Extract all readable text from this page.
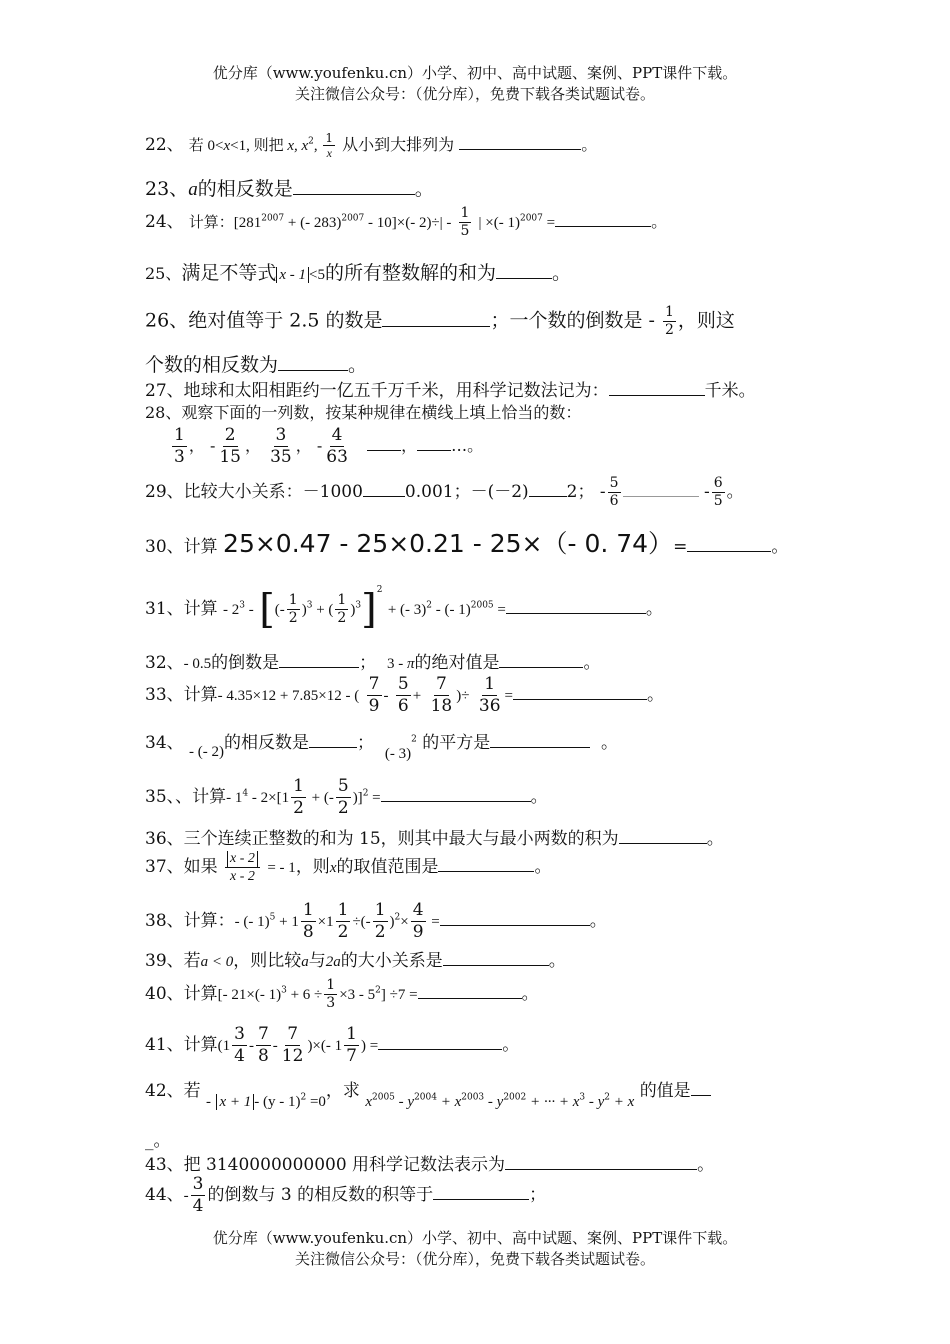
优分库（www.youfenku.cn）小学、初中、高中试题、案例、PPT课件下载。
关注微信公众号：（优分库），免费下载各类试题试卷。
22、 若 0<x<1, 则把 x, $x^2$, $\frac{1}{x}$ 从小到大排列为	。
23、a的相反数是	。
24、 计算：[$281^{2007}$ + (- 283)$^{2007}$ - 10]×(- $2)\div| - \frac{1}{5}$ | ×(- 1)$^{2007}$ =	。
25、满足不等式 x - 1 <5的所有整数解的和为	。
26、绝对值等于 2.5 的数是	；一个数的倒数是 - $\frac{1}{2}$ ，则这
个数的相反数为	。
27、地球和太阳相距约一亿五千万千米，用科学记数法记为：	千米。
28、观察下面的一列数，按某种规律在横线上填上恰当的数：
$\frac{1}{3}$ ， - $\frac{2}{15}$ ， $\frac{3}{35}$ ， - $\frac{4}{63}$	， …。
29、比较大小关系：－1000 0.001；－(－2) 2； - $\frac{5}{6}$	- $\frac{6}{5}$ 。
30、计算 25×0.47 - 25×0.21 - 25×（- 0. 74）=	。
31、计算 - $2^3$ - [(- $\frac{1}{2} )^3$ + ( $\frac{1}{2} )^3]^2$ + (- 3)$^2$ - (- 1)$^{2005}$ =	。
32、- 0.5的倒数是	； 3 - π的绝对值是	。
33、计算- 4.35×12 + 7.85×12 - ( $\frac{7}{9} - \frac{5}{6} + \frac{7}{18}$ )÷ $\frac{1}{36}$ =	。
34、 - (- 2)的相反数是	；  (- 3)$^2$ 的平方是	。
35、、计算- $1^4 - 2\times[1 \frac{1}{2}$ + (- $\frac{5}{2} )]^2$ =	。
36、三个连续正整数的和为 15，则其中最大与最小两数的积为	。
37、如果 $\frac{x - 2}{x - 2}$ = - 1，则x的取值范围是	。
38、计算：- (- $1)^5 + 1 \frac{1}{8} \times 1 \frac{1}{2}$ ÷(- $\frac{1}{2} )^2\times \frac{4}{9}$ =	。
39、若a < 0，则比较a与2a的大小关系是	。
40、计算[- 21×(- $1)^3 + 6 \div \frac{1}{3} \times 3 - 5^2] \div 7$ =	。
41、计算($1 \frac{3}{4} - \frac{7}{8} - \frac{7}{12}$ )×(- $1 \frac{1}{7}$ ) =	。
42、若 - x + 1 - (y - 1)$^2$ =0，求 $x^{2005} - y^{2004} + x^{2003} - y^{2002}$ + ··· + $x^3 - y^2 + x$ 的值是
_。
43、把 3140000000000 用科学记数法表示为	。
44、- $\frac{3}{4}$ 的倒数与 3 的相反数的积等于	；
优分库（www.youfenku.cn）小学、初中、高中试题、案例、PPT课件下载。
关注微信公众号：（优分库），免费下载各类试题试卷。
